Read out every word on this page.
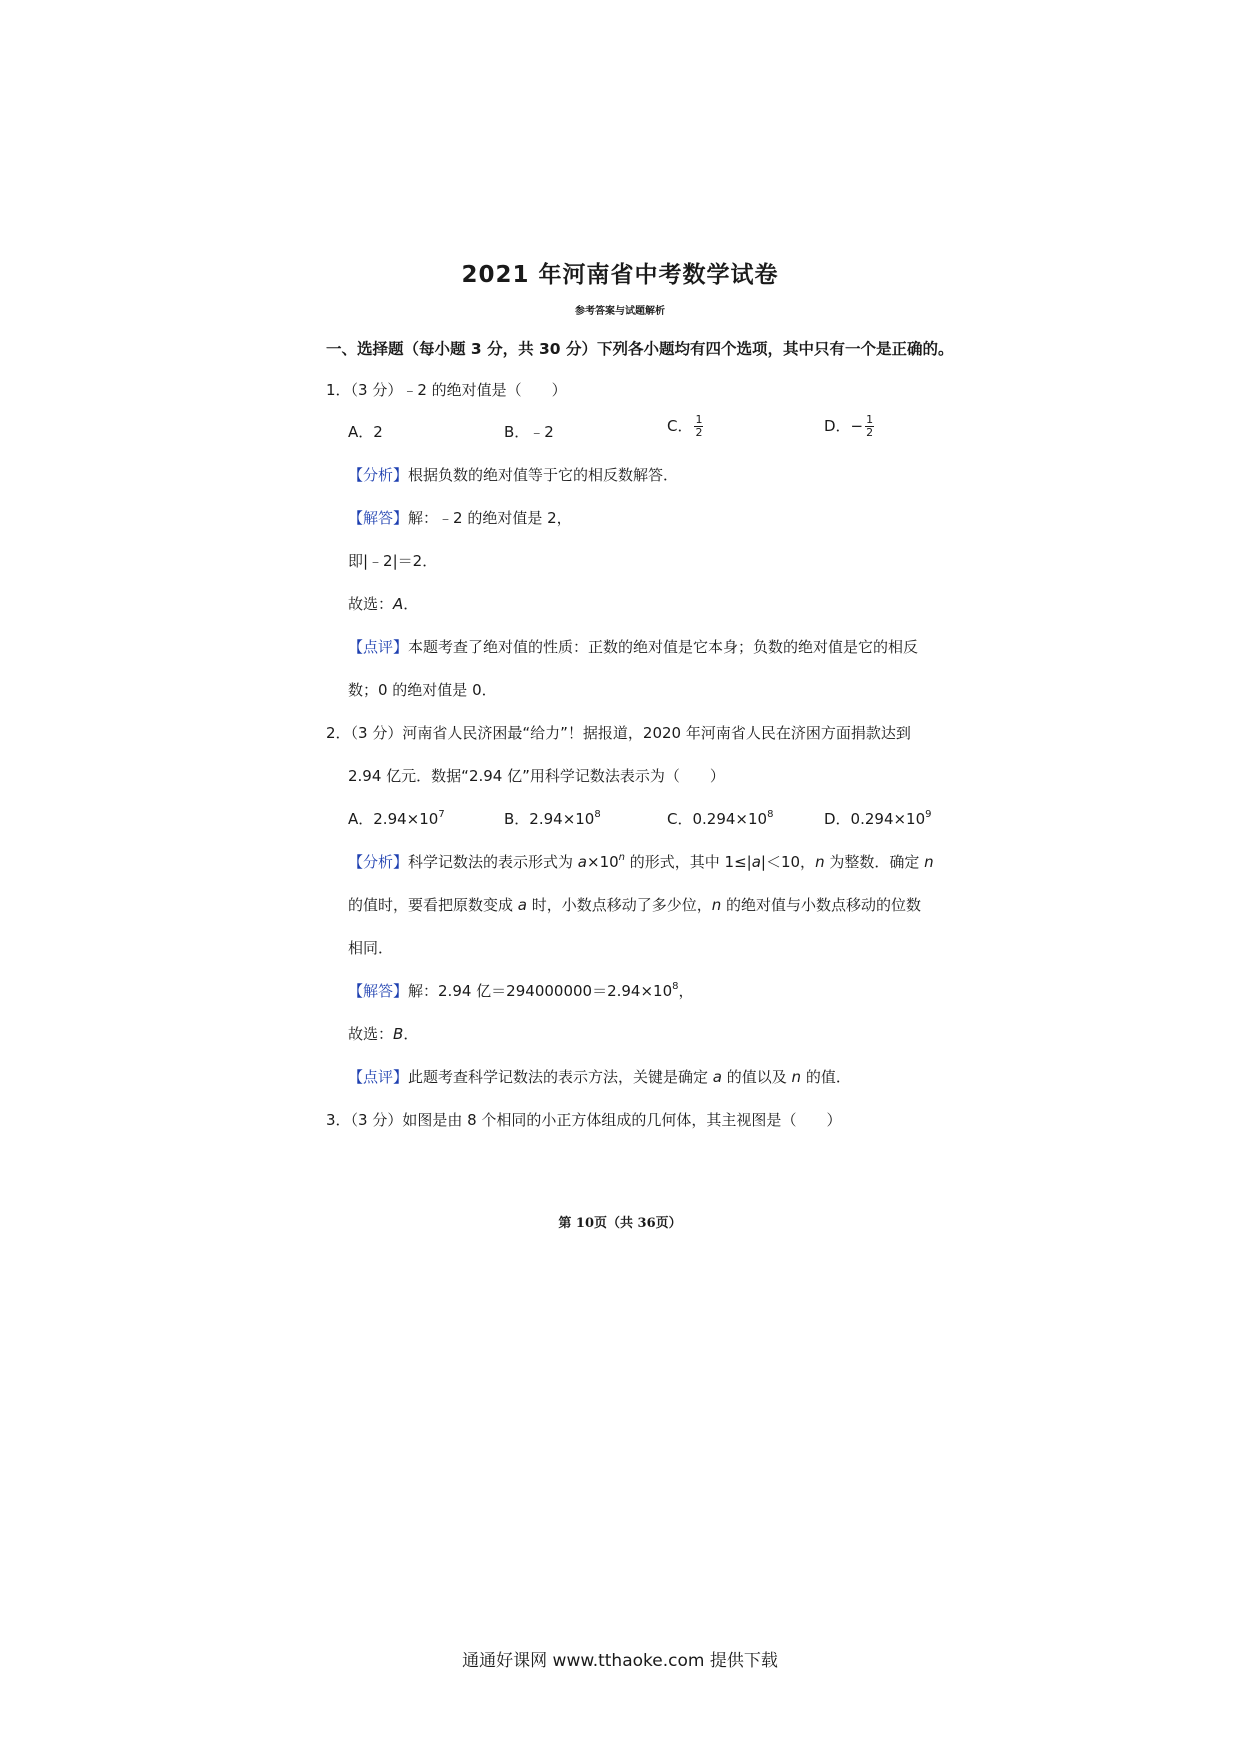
2021 年河南省中考数学试卷
参考答案与试题解析
一、选择题（每小题 3 分，共 30 分）下列各小题均有四个选项，其中只有一个是正确的。
1．（3 分）﹣2 的绝对值是（　　）
A．2	B．﹣2	C． $\frac{1}{2}$	D．− $\frac{1}{2}$
【分析】根据负数的绝对值等于它的相反数解答．
【解答】解：﹣2 的绝对值是 2，
即|﹣2|＝2．
故选：A．
【点评】本题考查了绝对值的性质：正数的绝对值是它本身；负数的绝对值是它的相反
数；0 的绝对值是 0．
2．（3 分）河南省人民济困最“给力”！据报道，2020 年河南省人民在济困方面捐款达到
2.94 亿元．数据“2.94 亿”用科学记数法表示为（　　）
A．$2.94\times 10^7$	B．$2.94\times 10^8$	C．$0.294\times 10^8$	D．$0.294\times 10^9$
【分析】科学记数法的表示形式为 $a\times 10^n$ 的形式，其中 1≤|a|＜10，n 为整数．确定 n
的值时，要看把原数变成 a 时，小数点移动了多少位，n 的绝对值与小数点移动的位数
相同．
【解答】解：2.94 亿$=294000000=2.94\times 10^8$，
故选：B．
【点评】此题考查科学记数法的表示方法，关键是确定 a 的值以及 n 的值．
3．（3 分）如图是由 8 个相同的小正方体组成的几何体，其主视图是（　　）
第 10页（共 36页）
通通好课网 www.tthaoke.com 提供下载
